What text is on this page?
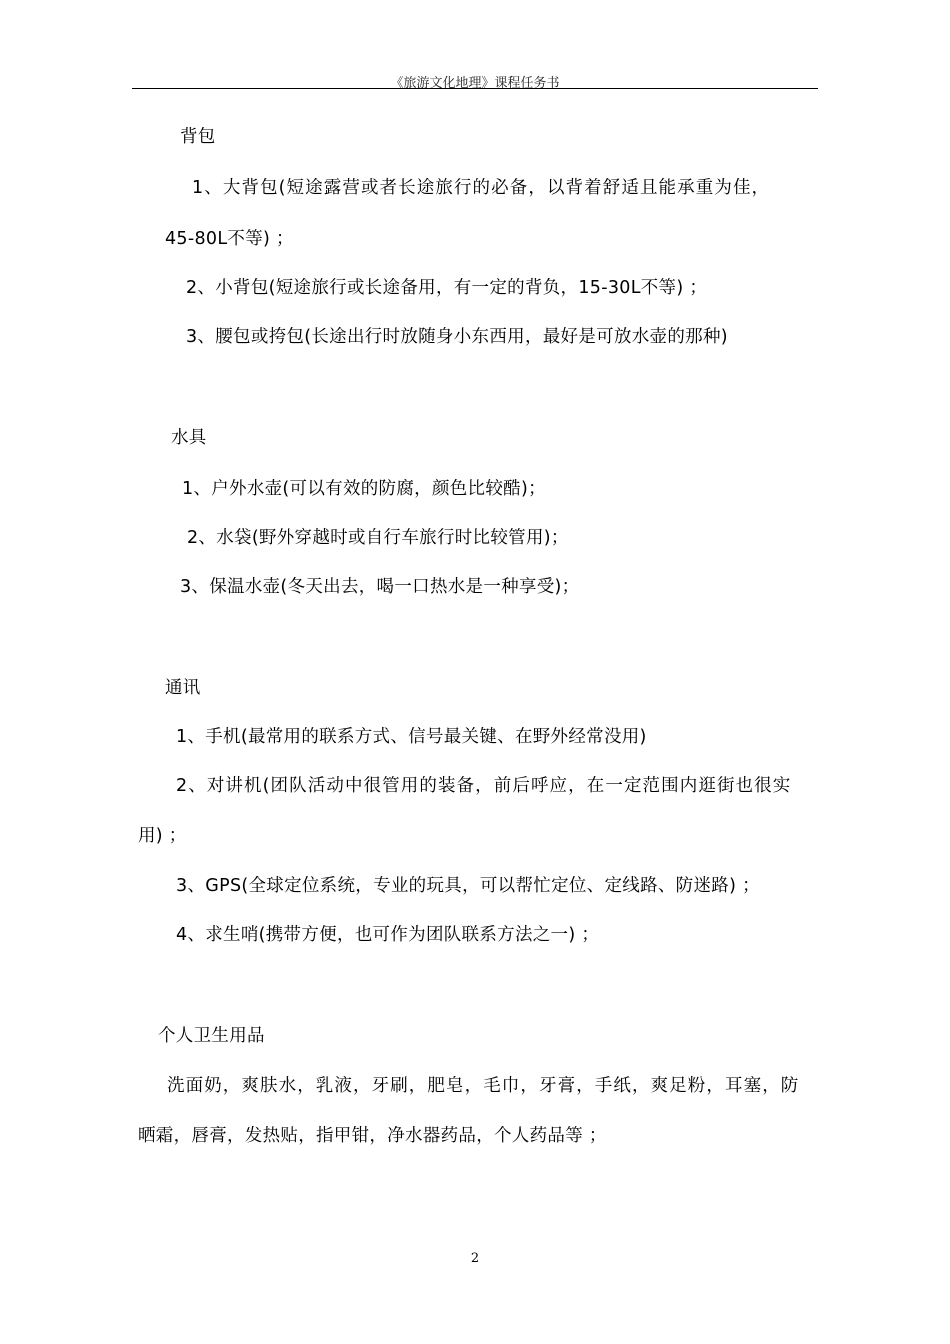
《旅游文化地理》课程任务书
背包
1、大背包(短途露营或者长途旅行的必备，以背着舒适且能承重为佳，
45-80L不等) ；
2、小背包(短途旅行或长途备用，有一定的背负，15-30L不等) ；
3、腰包或挎包(长途出行时放随身小东西用，最好是可放水壶的那种)
水具
1、户外水壶(可以有效的防腐，颜色比较酷)；
2、水袋(野外穿越时或自行车旅行时比较管用)；
3、保温水壶(冬天出去，喝一口热水是一种享受)；
通讯
1、手机(最常用的联系方式、信号最关键、在野外经常没用)
2、对讲机(团队活动中很管用的装备，前后呼应，在一定范围内逛街也很实
用) ；
3、GPS(全球定位系统，专业的玩具，可以帮忙定位、定线路、防迷路) ；
4、求生哨(携带方便，也可作为团队联系方法之一) ；
个人卫生用品
洗面奶，爽肤水，乳液，牙刷，肥皂，毛巾，牙膏，手纸，爽足粉，耳塞，防
晒霜，唇膏，发热贴，指甲钳，净水器药品，个人药品等 ；
2
